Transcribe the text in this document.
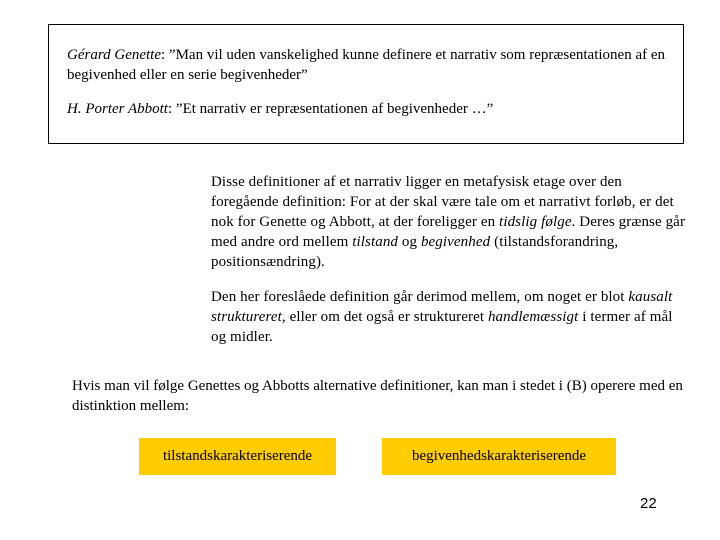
Gérard Genette: ”Man vil uden vanskelighed kunne definere et narrativ som repræsentationen af en begivenhed eller en serie begivenheder”

H. Porter Abbott: ”Et narrativ er repræsentationen af begivenheder …”

Disse definitioner af et narrativ ligger en metafysisk etage over den foregående definition: For at der skal være tale om et narrativt forløb, er det nok for Genette og Abbott, at der foreligger en tidslig følge. Deres grænse går med andre ord mellem tilstand og begivenhed (tilstandsforandring, positionsændring).

Den her foreslåede definition går derimod mellem, om noget er blot kausalt struktureret, eller om det også er struktureret handlemæssigt i termer af mål og midler.

Hvis man vil følge Genettes og Abbotts alternative definitioner, kan man i stedet i (B) operere med en distinktion mellem:

tilstandskarakteriserende	begivenhedskarakteriserende
22
